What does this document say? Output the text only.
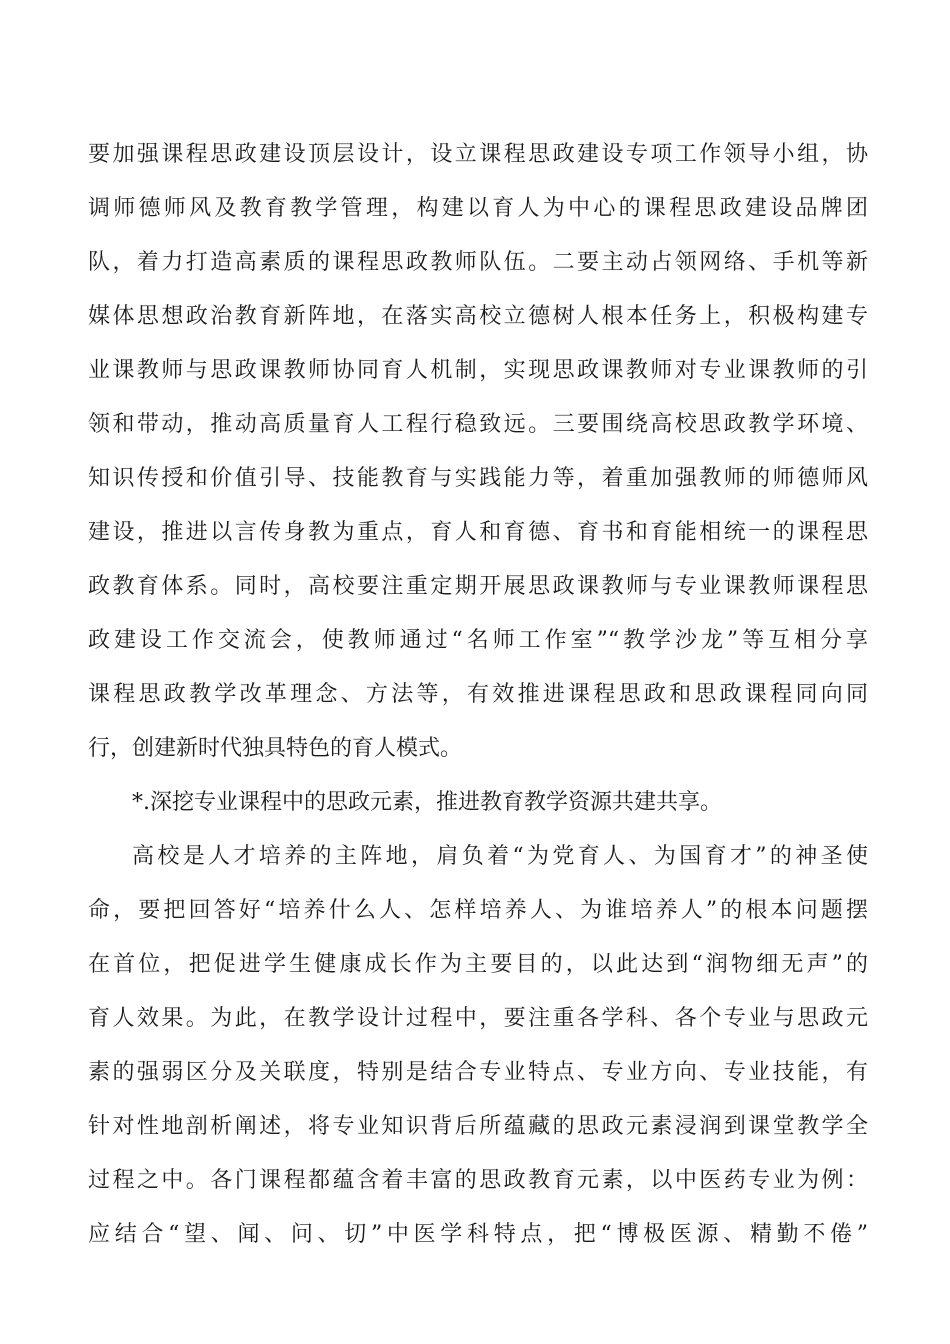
要加强课程思政建设顶层设计，设立课程思政建设专项工作领导小组，协
调师德师风及教育教学管理，构建以育人为中心的课程思政建设品牌团
队，着力打造高素质的课程思政教师队伍。二要主动占领网络、手机等新
媒体思想政治教育新阵地，在落实高校立德树人根本任务上，积极构建专
业课教师与思政课教师协同育人机制，实现思政课教师对专业课教师的引
领和带动，推动高质量育人工程行稳致远。三要围绕高校思政教学环境、
知识传授和价值引导、技能教育与实践能力等，着重加强教师的师德师风
建设，推进以言传身教为重点，育人和育德、育书和育能相统一的课程思
政教育体系。同时，高校要注重定期开展思政课教师与专业课教师课程思
政建设工作交流会，使教师通过“名师工作室”“教学沙龙”等互相分享
课程思政教学改革理念、方法等，有效推进课程思政和思政课程同向同
行，创建新时代独具特色的育人模式。
*.深挖专业课程中的思政元素，推进教育教学资源共建共享。
高校是人才培养的主阵地，肩负着“为党育人、为国育才”的神圣使
命，要把回答好“培养什么人、怎样培养人、为谁培养人”的根本问题摆
在首位，把促进学生健康成长作为主要目的，以此达到“润物细无声”的
育人效果。为此，在教学设计过程中，要注重各学科、各个专业与思政元
素的强弱区分及关联度，特别是结合专业特点、专业方向、专业技能，有
针对性地剖析阐述，将专业知识背后所蕴藏的思政元素浸润到课堂教学全
过程之中。各门课程都蕴含着丰富的思政教育元素，以中医药专业为例：
应结合“望、闻、问、切”中医学科特点，把“博极医源、精勤不倦”
